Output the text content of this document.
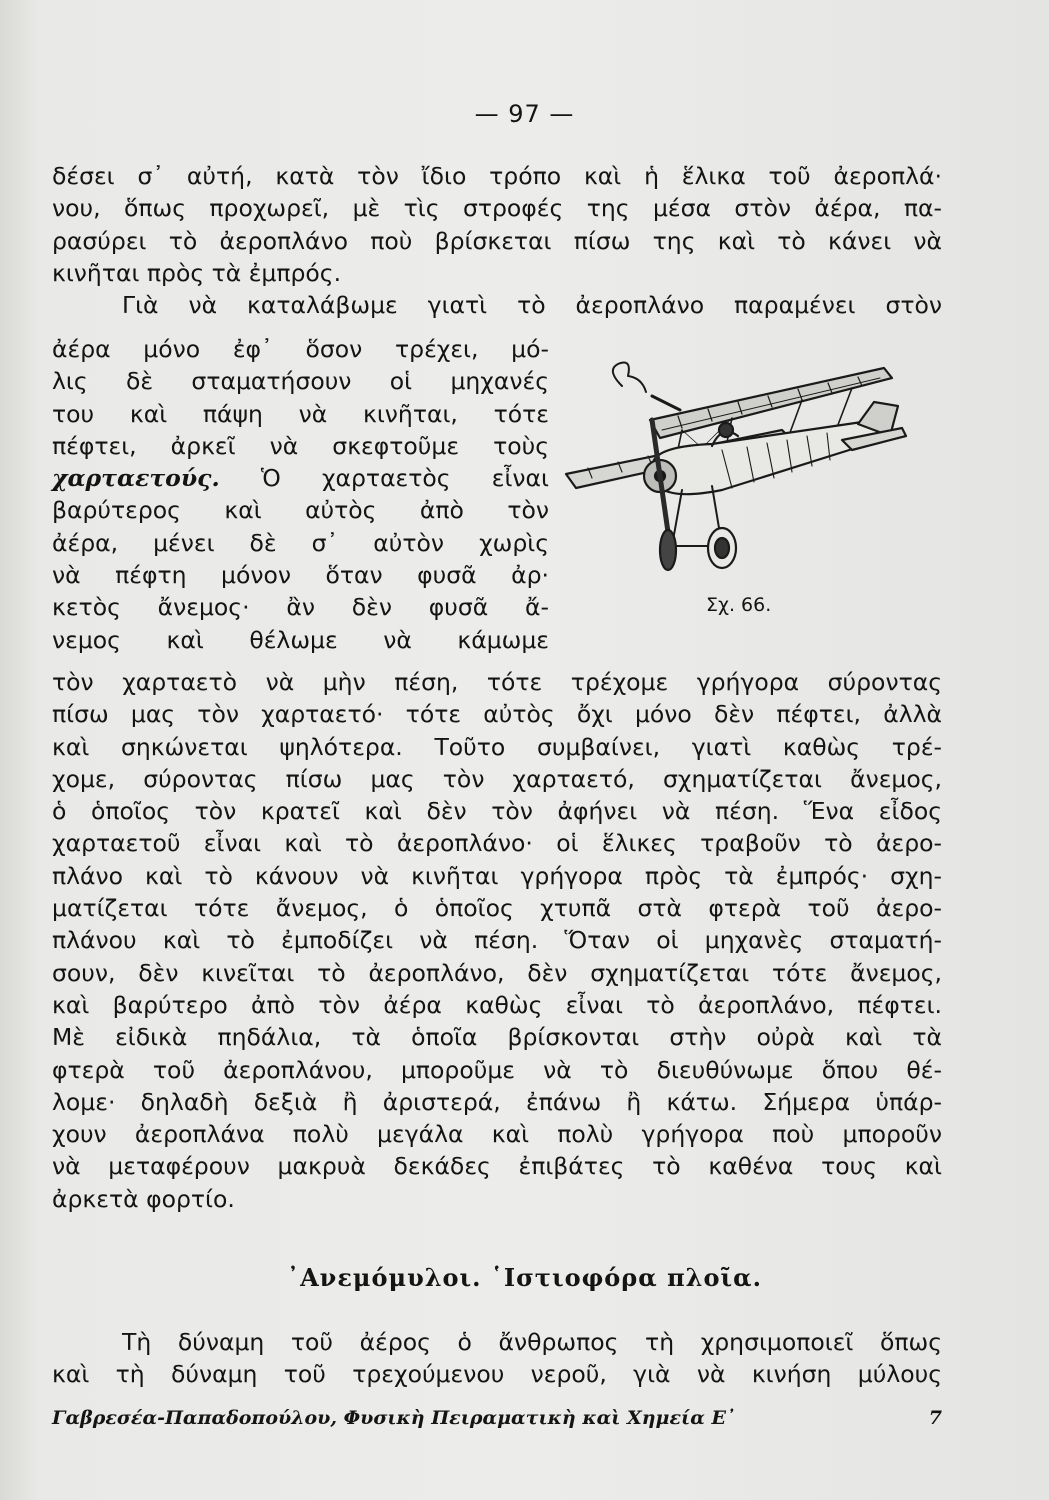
— 97 —
δέσει σ᾽ αὐτή, κατὰ τὸν ἴδιο τρόπο καὶ ἡ ἕλικα τοῦ ἀεροπλά·
νου, ὅπως προχωρεῖ, μὲ τὶς στροφές της μέσα στὸν ἀέρα, πα-
ρασύρει τὸ ἀεροπλάνο ποὺ βρίσκεται πίσω της καὶ τὸ κάνει νὰ
κινῆται πρὸς τὰ ἐμπρός.
Γιὰ νὰ καταλάβωμε γιατὶ τὸ ἀεροπλάνο παραμένει στὸν
ἀέρα μόνο ἐφ᾽ ὅσον τρέχει, μό-
λις δὲ σταματήσουν οἱ μηχανές
του καὶ πάψη νὰ κινῆται, τότε
πέφτει, ἀρκεῖ νὰ σκεφτοῦμε τοὺς
χαρταετούς. Ὁ χαρταετὸς εἶναι
βαρύτερος καὶ αὐτὸς ἀπὸ τὸν
ἀέρα, μένει δὲ σ᾽ αὐτὸν χωρὶς
νὰ πέφτη μόνον ὅταν φυσᾶ ἀρ·
κετὸς ἄνεμος· ἂν δὲν φυσᾶ ἄ-
νεμος καὶ θέλωμε νὰ κάμωμε
Σχ. 66.
τὸν χαρταετὸ νὰ μὴν πέση, τότε τρέχομε γρήγορα σύροντας
πίσω μας τὸν χαρταετό· τότε αὐτὸς ὄχι μόνο δὲν πέφτει, ἀλλὰ
καὶ σηκώνεται ψηλότερα. Τοῦτο συμβαίνει, γιατὶ καθὼς τρέ-
χομε, σύροντας πίσω μας τὸν χαρταετό, σχηματίζεται ἄνεμος,
ὁ ὁποῖος τὸν κρατεῖ καὶ δὲν τὸν ἀφήνει νὰ πέση. Ἕνα εἶδος
χαρταετοῦ εἶναι καὶ τὸ ἀεροπλάνο· οἱ ἕλικες τραβοῦν τὸ ἀερο-
πλάνο καὶ τὸ κάνουν νὰ κινῆται γρήγορα πρὸς τὰ ἐμπρός· σχη-
ματίζεται τότε ἄνεμος, ὁ ὁποῖος χτυπᾶ στὰ φτερὰ τοῦ ἀερο-
πλάνου καὶ τὸ ἐμποδίζει νὰ πέση. Ὅταν οἱ μηχανὲς σταματή-
σουν, δὲν κινεῖται τὸ ἀεροπλάνο, δὲν σχηματίζεται τότε ἄνεμος,
καὶ βαρύτερο ἀπὸ τὸν ἀέρα καθὼς εἶναι τὸ ἀεροπλάνο, πέφτει.
Μὲ εἰδικὰ πηδάλια, τὰ ὁποῖα βρίσκονται στὴν οὐρὰ καὶ τὰ
φτερὰ τοῦ ἀεροπλάνου, μποροῦμε νὰ τὸ διευθύνωμε ὅπου θέ-
λομε· δηλαδὴ δεξιὰ ἢ ἀριστερά, ἐπάνω ἢ κάτω. Σήμερα ὑπάρ-
χουν ἀεροπλάνα πολὺ μεγάλα καὶ πολὺ γρήγορα ποὺ μποροῦν
νὰ μεταφέρουν μακρυὰ δεκάδες ἐπιβάτες τὸ καθένα τους καὶ
ἀρκετὰ φορτίο.
᾿Ανεμόμυλοι. ῾Ιστιοφόρα πλοῖα.
Τὴ δύναμη τοῦ ἀέρος ὁ ἄνθρωπος τὴ χρησιμοποιεῖ ὅπως
καὶ τὴ δύναμη τοῦ τρεχούμενου νεροῦ, γιὰ νὰ κινήση μύλους
Γαβρεσέα-Παπαδοπούλου, Φυσικὴ Πειραματικὴ καὶ Χημεία Ε᾽	7
